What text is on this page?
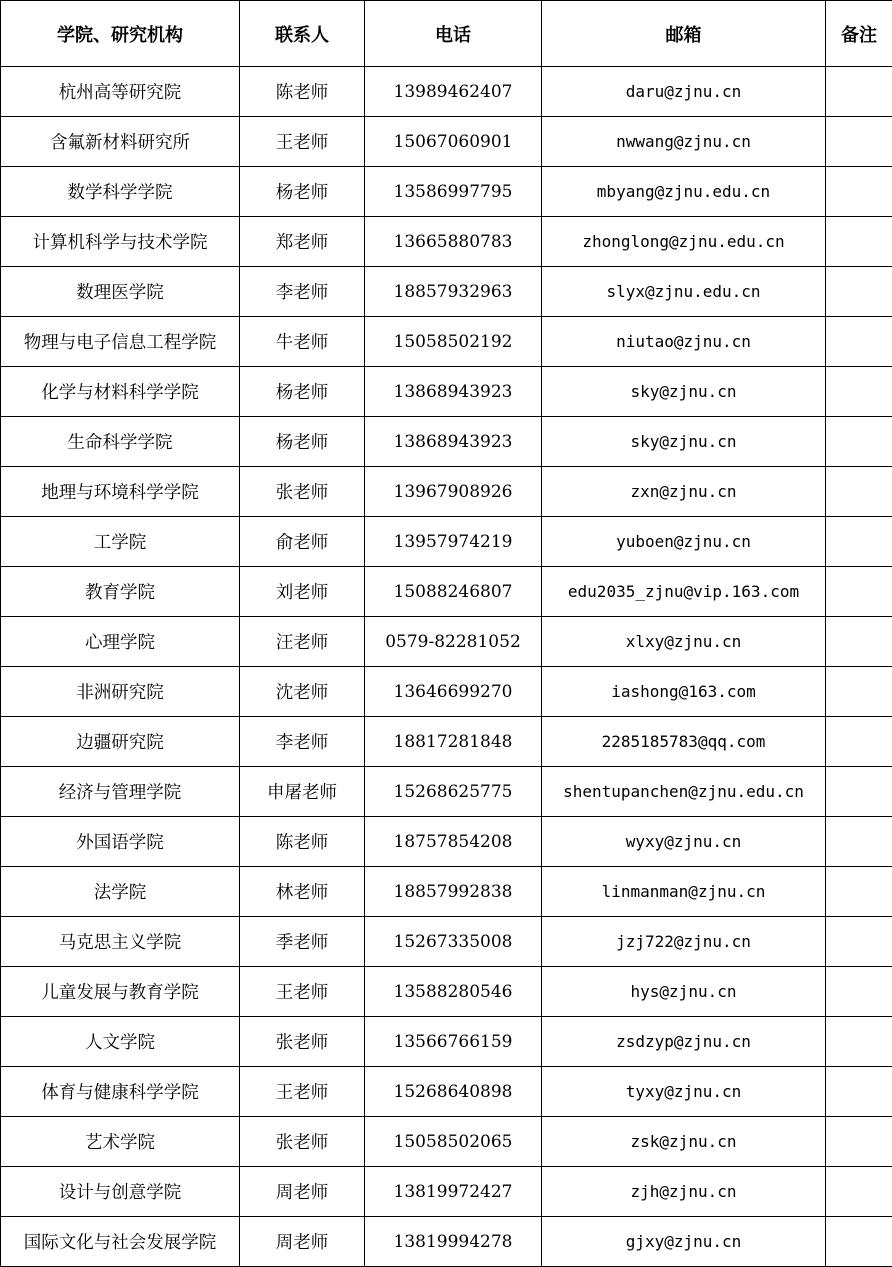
学院、研究机构	联系人	电话	邮箱	备注
杭州高等研究院	陈老师	13989462407	daru@zjnu.cn	
含氟新材料研究所	王老师	15067060901	nwwang@zjnu.cn	
数学科学学院	杨老师	13586997795	mbyang@zjnu.edu.cn	
计算机科学与技术学院	郑老师	13665880783	zhonglong@zjnu.edu.cn	
数理医学院	李老师	18857932963	slyx@zjnu.edu.cn	
物理与电子信息工程学院	牛老师	15058502192	niutao@zjnu.cn	
化学与材料科学学院	杨老师	13868943923	sky@zjnu.cn	
生命科学学院	杨老师	13868943923	sky@zjnu.cn	
地理与环境科学学院	张老师	13967908926	zxn@zjnu.cn	
工学院	俞老师	13957974219	yuboen@zjnu.cn	
教育学院	刘老师	15088246807	edu2035_zjnu@vip.163.com	
心理学院	汪老师	0579-82281052	xlxy@zjnu.cn	
非洲研究院	沈老师	13646699270	iashong@163.com	
边疆研究院	李老师	18817281848	2285185783@qq.com	
经济与管理学院	申屠老师	15268625775	shentupanchen@zjnu.edu.cn	
外国语学院	陈老师	18757854208	wyxy@zjnu.cn	
法学院	林老师	18857992838	linmanman@zjnu.cn	
马克思主义学院	季老师	15267335008	jzj722@zjnu.cn	
儿童发展与教育学院	王老师	13588280546	hys@zjnu.cn	
人文学院	张老师	13566766159	zsdzyp@zjnu.cn	
体育与健康科学学院	王老师	15268640898	tyxy@zjnu.cn	
艺术学院	张老师	15058502065	zsk@zjnu.cn	
设计与创意学院	周老师	13819972427	zjh@zjnu.cn	
国际文化与社会发展学院	周老师	13819994278	gjxy@zjnu.cn	
